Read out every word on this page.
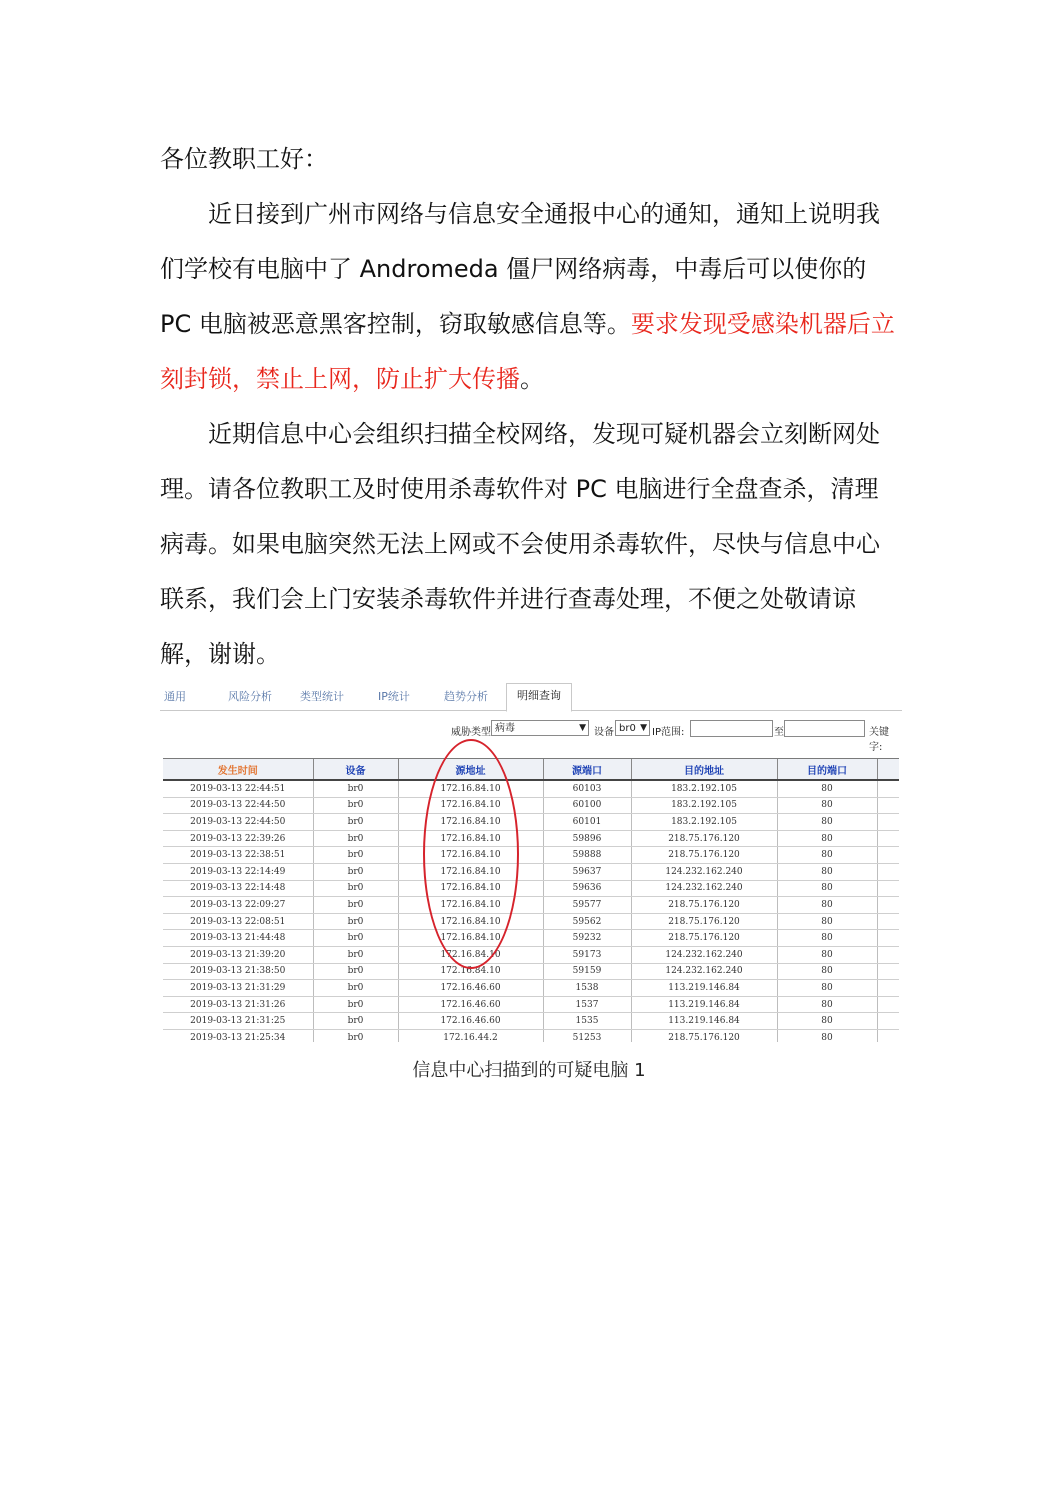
各位教职工好：

近日接到广州市网络与信息安全通报中心的通知，通知上说明我们学校有电脑中了 Andromeda 僵尸网络病毒，中毒后可以使你的 PC 电脑被恶意黑客控制，窃取敏感信息等。要求发现受感染机器后立刻封锁，禁止上网，防止扩大传播。

近期信息中心会组织扫描全校网络，发现可疑机器会立刻断网处理。请各位教职工及时使用杀毒软件对 PC 电脑进行全盘查杀，清理病毒。如果电脑突然无法上网或不会使用杀毒软件，尽快与信息中心联系，我们会上门安装杀毒软件并进行查毒处理，不便之处敬请谅解，谢谢。

通用	风险分析	类型统计	IP统计	趋势分析	明细查询
威胁类型 病毒	▼ 设备 br0 ▼ IP范围:	至	关键字:
发生时间	设备	源地址	源端口	目的地址	目的端口	
2019-03-13 22:44:51	br0	172.16.84.10	60103	183.2.192.105	80	
2019-03-13 22:44:50	br0	172.16.84.10	60100	183.2.192.105	80	
2019-03-13 22:44:50	br0	172.16.84.10	60101	183.2.192.105	80	
2019-03-13 22:39:26	br0	172.16.84.10	59896	218.75.176.120	80	
2019-03-13 22:38:51	br0	172.16.84.10	59888	218.75.176.120	80	
2019-03-13 22:14:49	br0	172.16.84.10	59637	124.232.162.240	80	
2019-03-13 22:14:48	br0	172.16.84.10	59636	124.232.162.240	80	
2019-03-13 22:09:27	br0	172.16.84.10	59577	218.75.176.120	80	
2019-03-13 22:08:51	br0	172.16.84.10	59562	218.75.176.120	80	
2019-03-13 21:44:48	br0	172.16.84.10	59232	218.75.176.120	80	
2019-03-13 21:39:20	br0	172.16.84.10	59173	124.232.162.240	80	
2019-03-13 21:38:50	br0	172.16.84.10	59159	124.232.162.240	80	
2019-03-13 21:31:29	br0	172.16.46.60	1538	113.219.146.84	80	
2019-03-13 21:31:26	br0	172.16.46.60	1537	113.219.146.84	80	
2019-03-13 21:31:25	br0	172.16.46.60	1535	113.219.146.84	80	
2019-03-13 21:25:34	br0	172.16.44.2	51253	218.75.176.120	80	
信息中心扫描到的可疑电脑 1
